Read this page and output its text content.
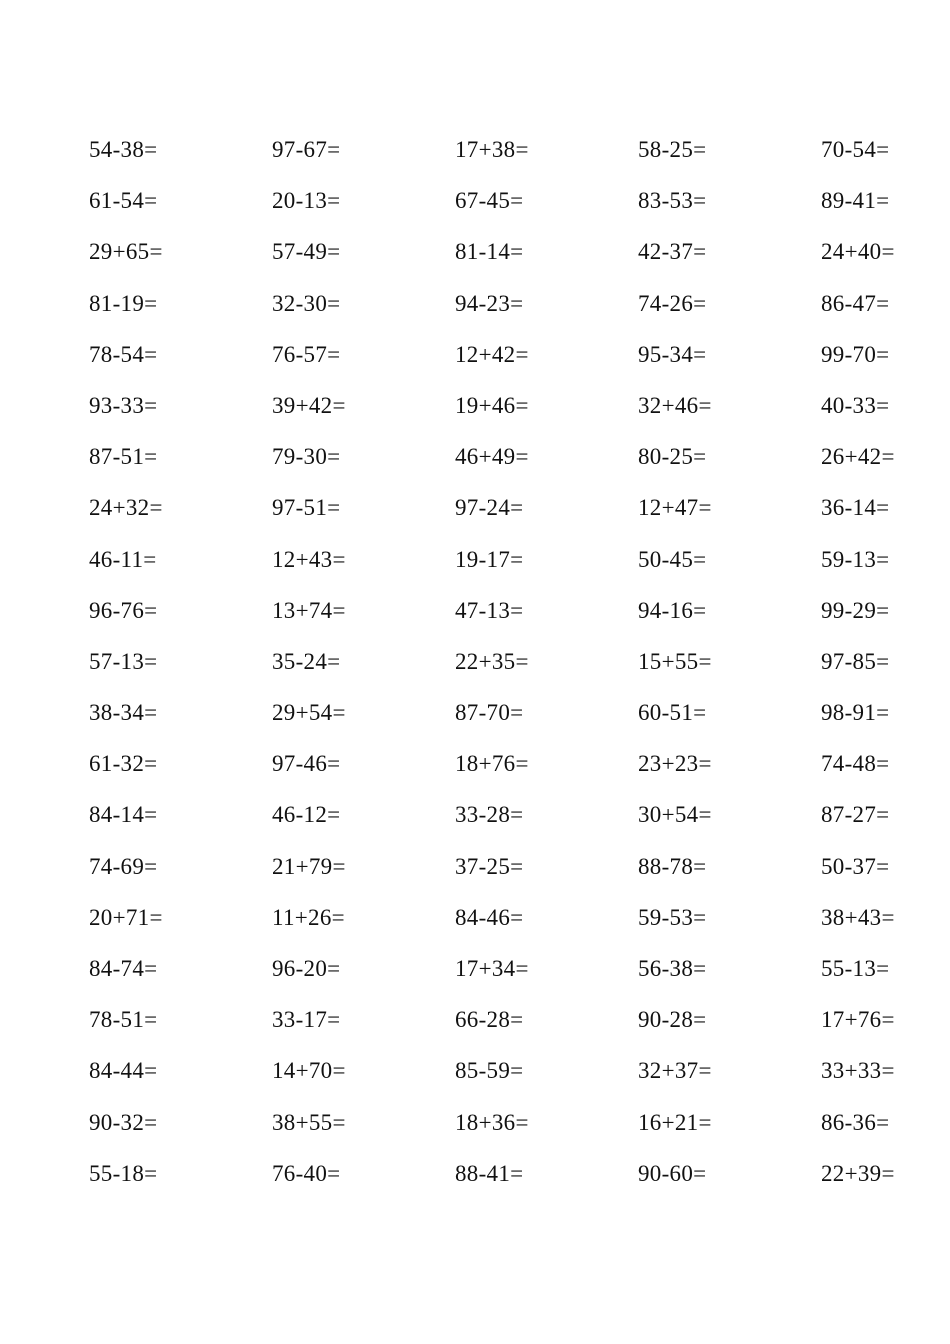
54-38=	97-67=	17+38=	58-25=	70-54=
61-54=	20-13=	67-45=	83-53=	89-41=
29+65=	57-49=	81-14=	42-37=	24+40=
81-19=	32-30=	94-23=	74-26=	86-47=
78-54=	76-57=	12+42=	95-34=	99-70=
93-33=	39+42=	19+46=	32+46=	40-33=
87-51=	79-30=	46+49=	80-25=	26+42=
24+32=	97-51=	97-24=	12+47=	36-14=
46-11=	12+43=	19-17=	50-45=	59-13=
96-76=	13+74=	47-13=	94-16=	99-29=
57-13=	35-24=	22+35=	15+55=	97-85=
38-34=	29+54=	87-70=	60-51=	98-91=
61-32=	97-46=	18+76=	23+23=	74-48=
84-14=	46-12=	33-28=	30+54=	87-27=
74-69=	21+79=	37-25=	88-78=	50-37=
20+71=	11+26=	84-46=	59-53=	38+43=
84-74=	96-20=	17+34=	56-38=	55-13=
78-51=	33-17=	66-28=	90-28=	17+76=
84-44=	14+70=	85-59=	32+37=	33+33=
90-32=	38+55=	18+36=	16+21=	86-36=
55-18=	76-40=	88-41=	90-60=	22+39=
